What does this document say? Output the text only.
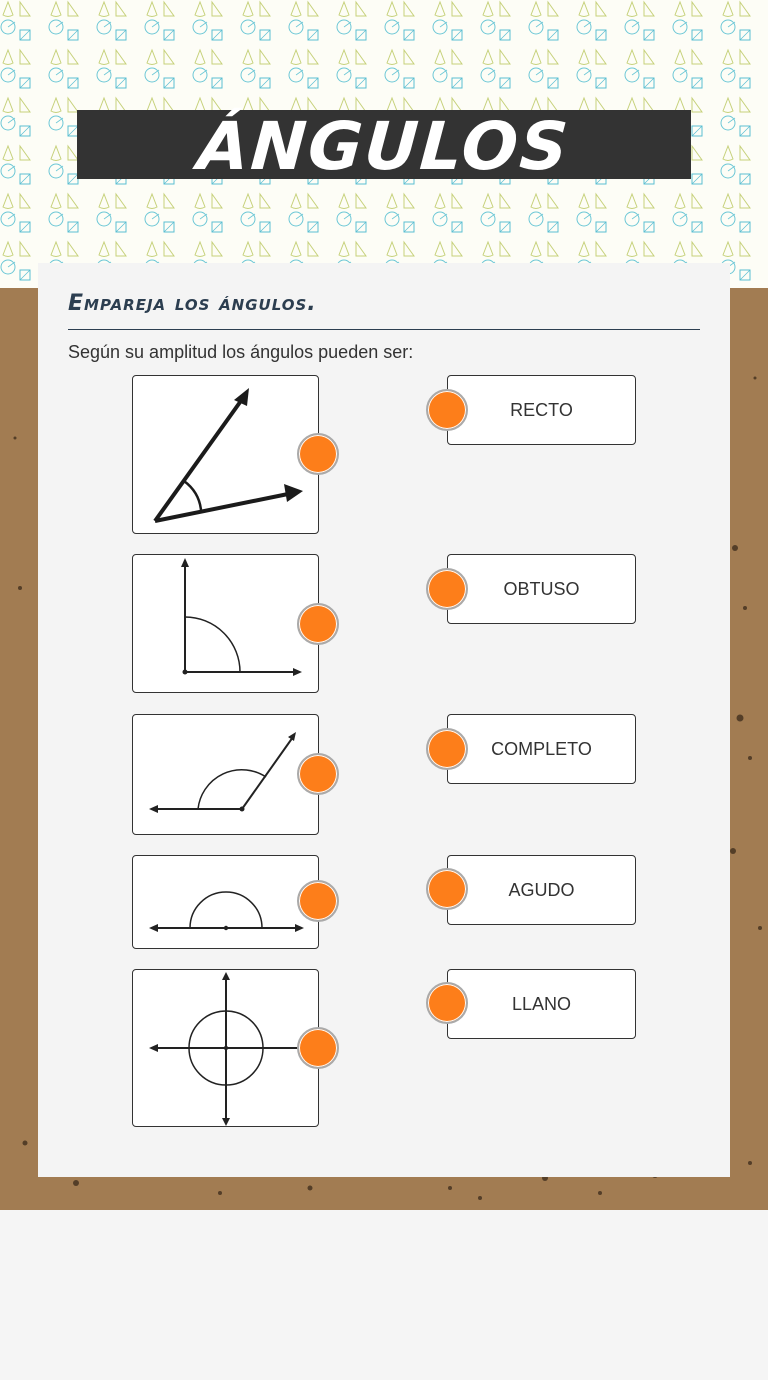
ÁNGULOS
Empareja los ángulos.
Según su amplitud los ángulos pueden ser:
RECTO
OBTUSO
COMPLETO
AGUDO
LLANO
